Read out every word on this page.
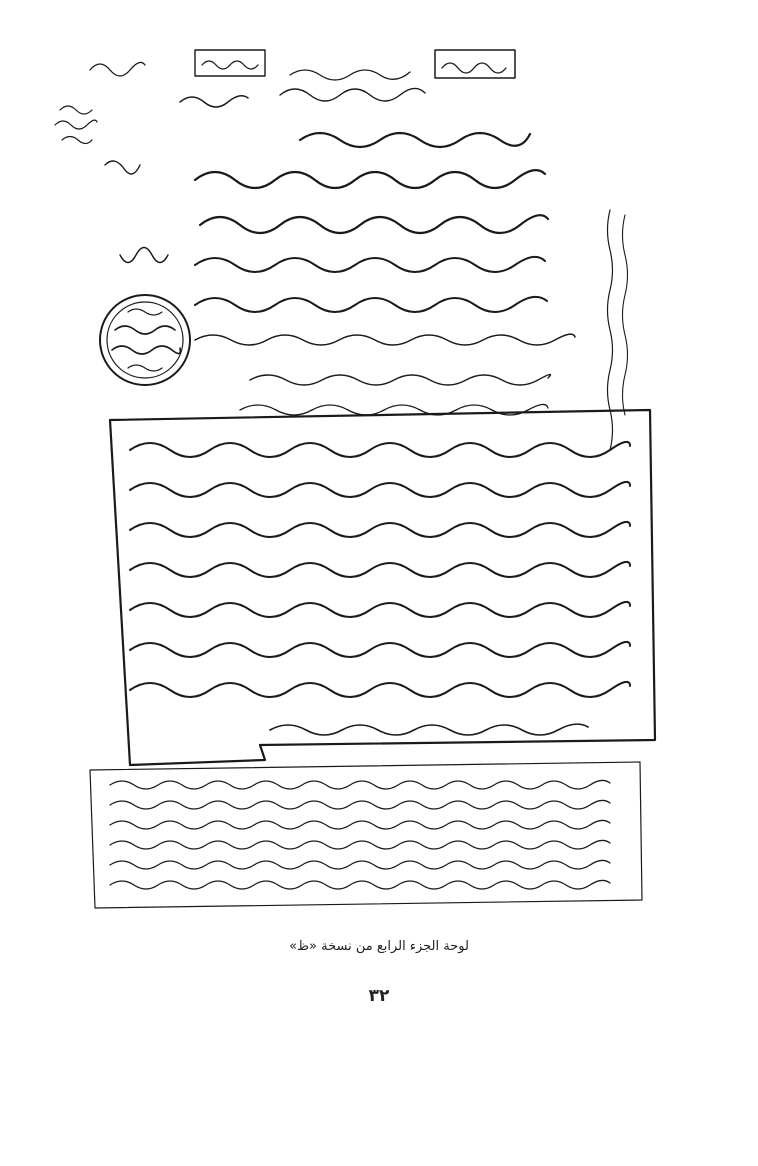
لوحة الجزء الرابع من نسخة «ظ»
٣٢
